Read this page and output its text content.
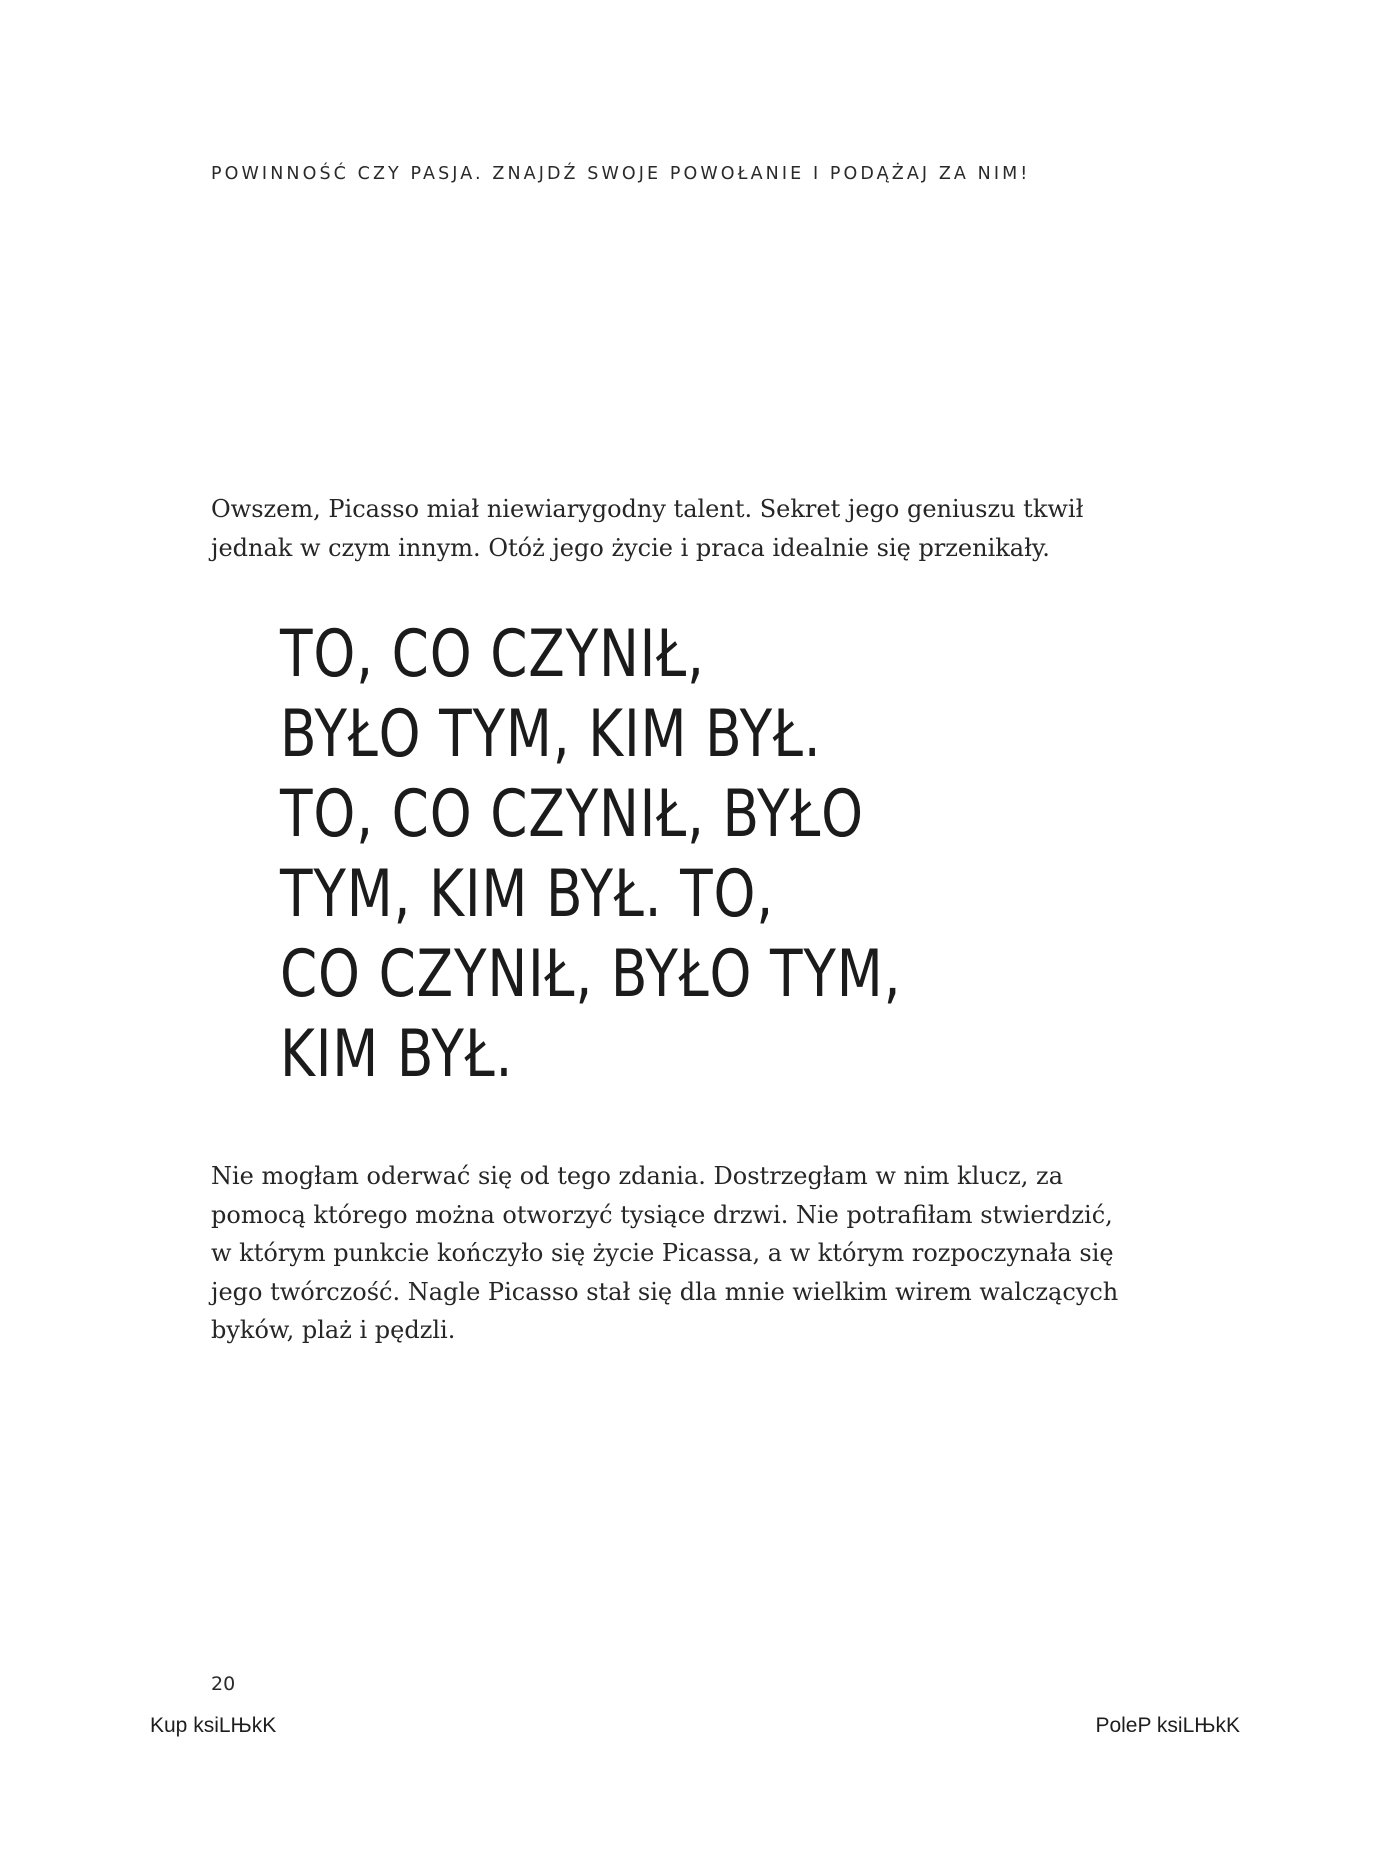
POWINNOŚĆ CZY PASJA. ZNAJDŹ SWOJE POWOŁANIE I PODĄŻAJ ZA NIM!

Owszem, Picasso miał niewiarygodny talent. Sekret jego geniuszu tkwił
jednak w czym innym. Otóż jego życie i praca idealnie się przenikały.

TO, CO CZYNIŁ,
BYŁO TYM, KIM BYŁ.
TO, CO CZYNIŁ, BYŁO
TYM, KIM BYŁ. TO,
CO CZYNIŁ, BYŁO TYM,
KIM BYŁ.

Nie mogłam oderwać się od tego zdania. Dostrzegłam w nim klucz, za
pomocą którego można otworzyć tysiące drzwi. Nie potrafiłam stwierdzić,
w którym punkcie kończyło się życie Picassa, a w którym rozpoczynała się
jego twórczość. Nagle Picasso stał się dla mnie wielkim wirem walczących
byków, plaż i pędzli.

20
Kup ksiLЊkK	PoleP ksiLЊkK
